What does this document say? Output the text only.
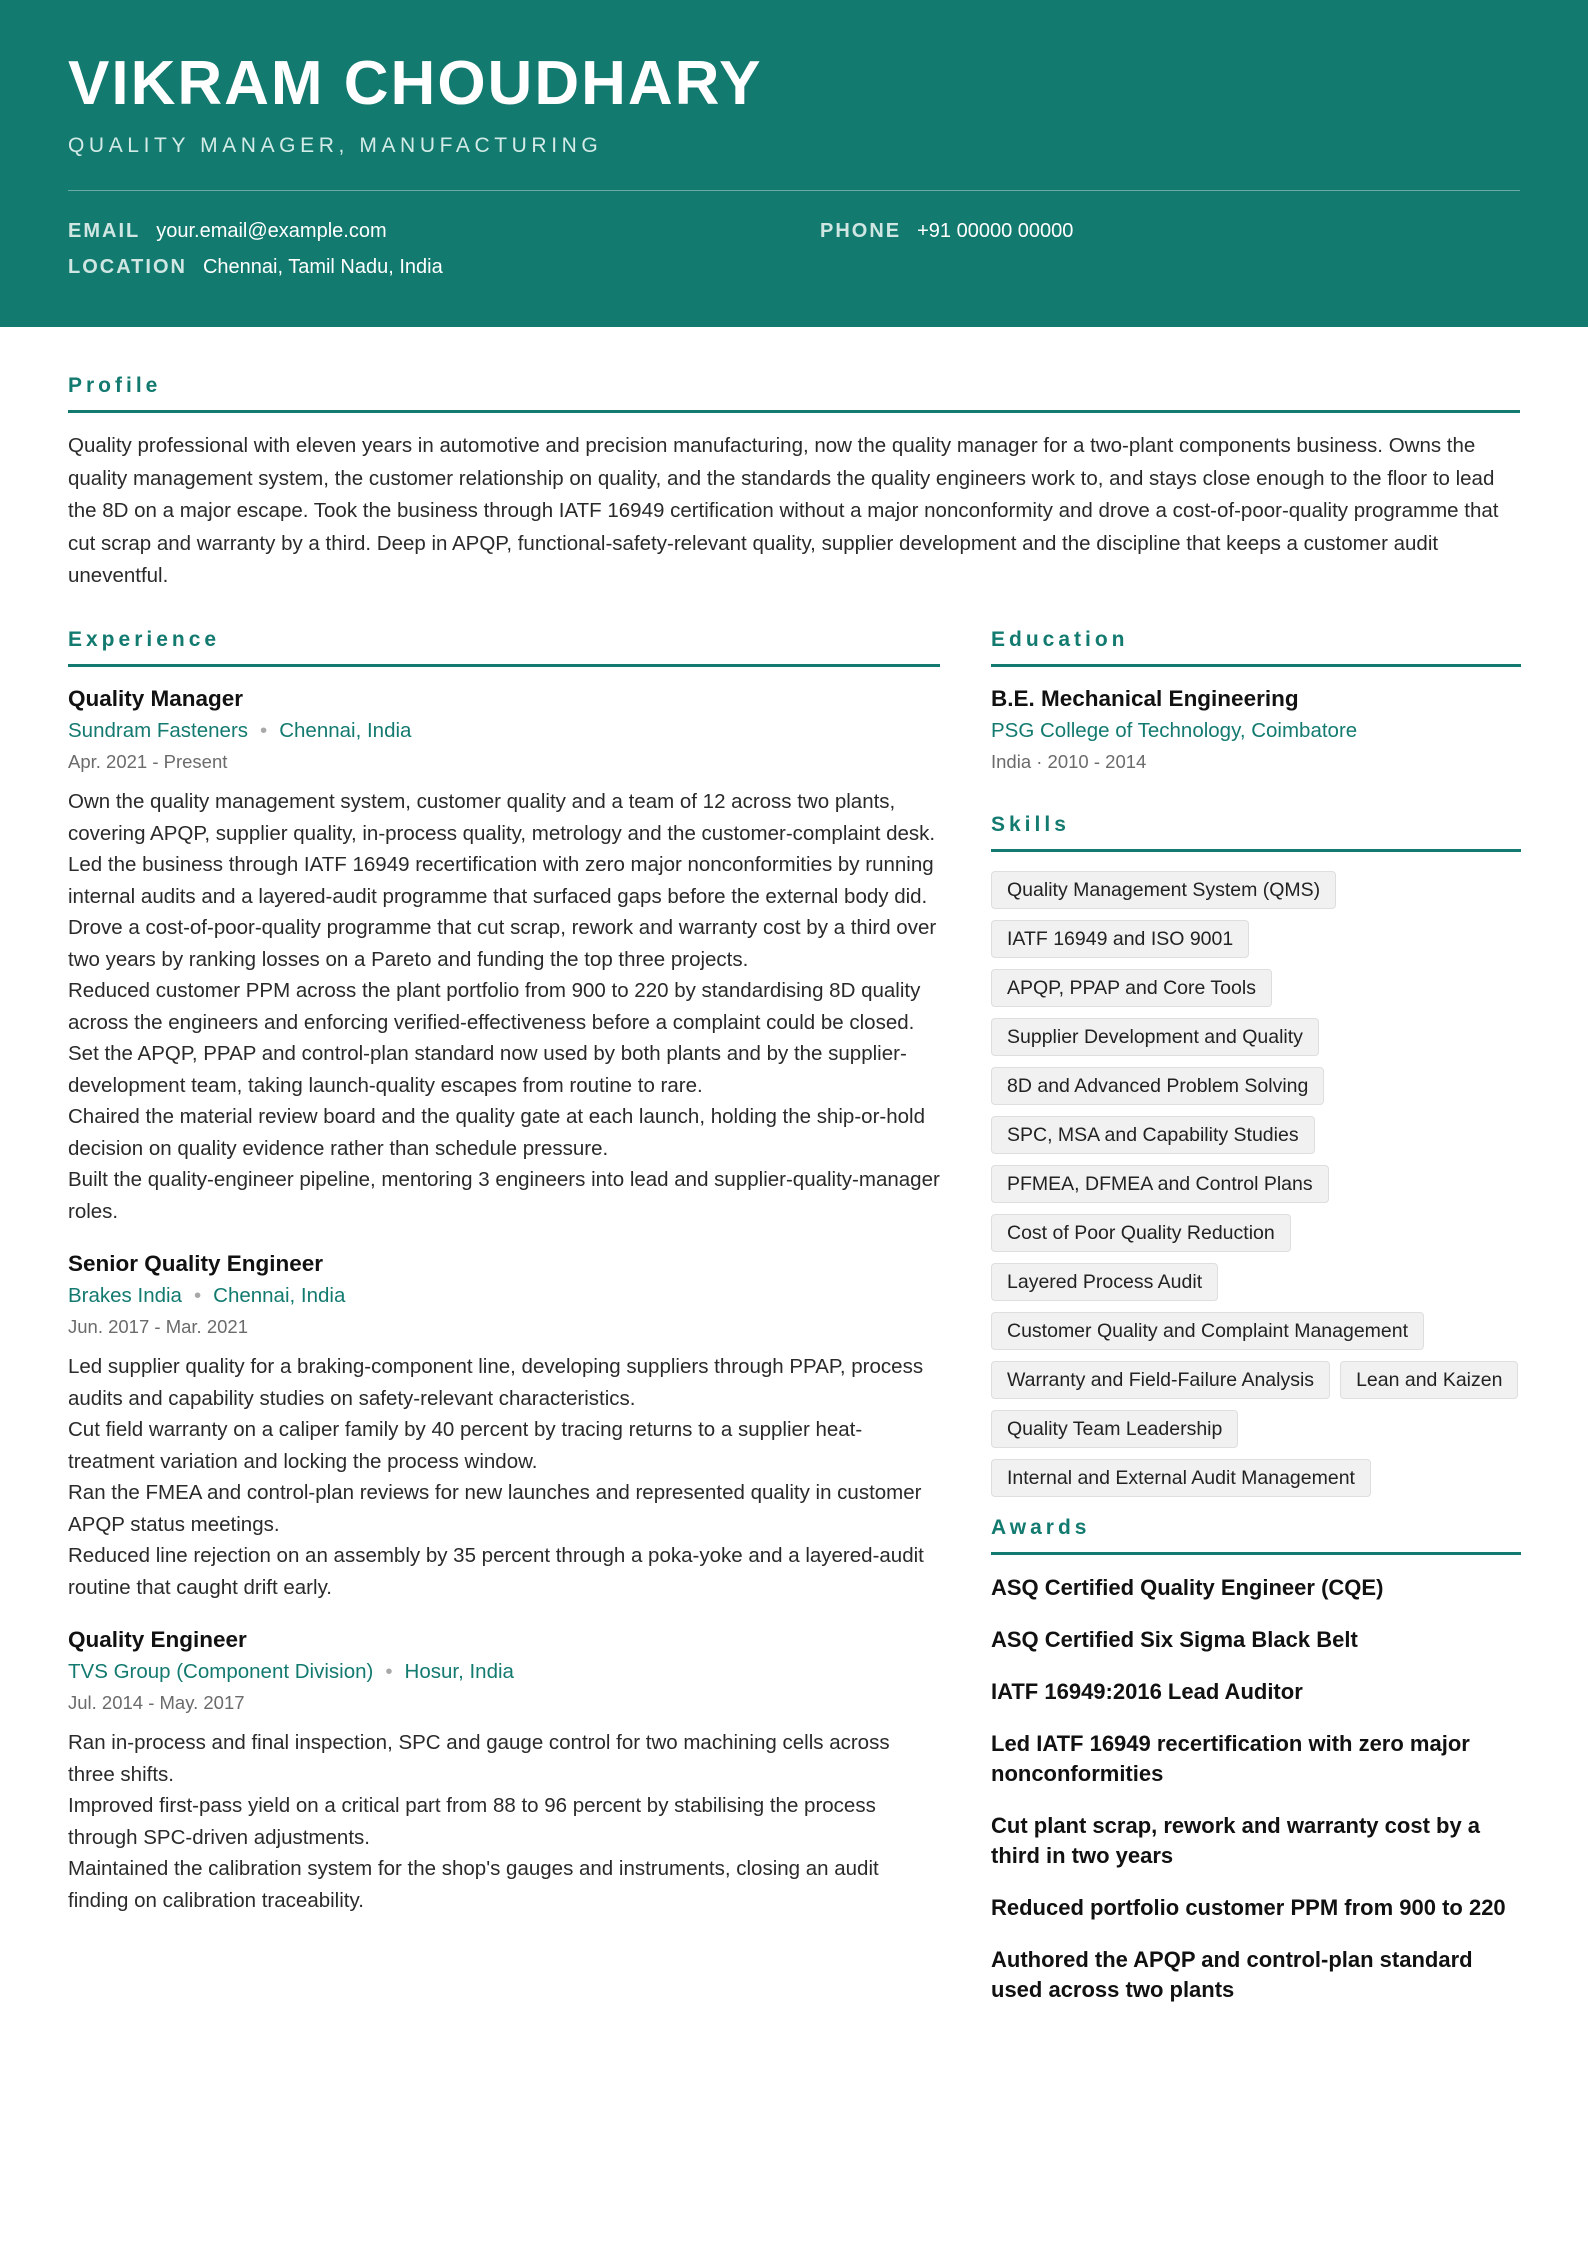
VIKRAM CHOUDHARY
QUALITY MANAGER, MANUFACTURING
EMAIL your.email@example.com	PHONE +91 00000 00000
LOCATION Chennai, Tamil Nadu, India
Profile
Quality professional with eleven years in automotive and precision manufacturing, now the quality manager for a two-plant components business. Owns the quality management system, the customer relationship on quality, and the standards the quality engineers work to, and stays close enough to the floor to lead the 8D on a major escape. Took the business through IATF 16949 certification without a major nonconformity and drove a cost-of-poor-quality programme that cut scrap and warranty by a third. Deep in APQP, functional-safety-relevant quality, supplier development and the discipline that keeps a customer audit uneventful.
Experience
Quality Manager
Sundram Fasteners • Chennai, India
Apr. 2021 - Present
Own the quality management system, customer quality and a team of 12 across two plants, covering APQP, supplier quality, in-process quality, metrology and the customer-complaint desk.
Led the business through IATF 16949 recertification with zero major nonconformities by running internal audits and a layered-audit programme that surfaced gaps before the external body did.
Drove a cost-of-poor-quality programme that cut scrap, rework and warranty cost by a third over two years by ranking losses on a Pareto and funding the top three projects.
Reduced customer PPM across the plant portfolio from 900 to 220 by standardising 8D quality across the engineers and enforcing verified-effectiveness before a complaint could be closed.
Set the APQP, PPAP and control-plan standard now used by both plants and by the supplier-development team, taking launch-quality escapes from routine to rare.
Chaired the material review board and the quality gate at each launch, holding the ship-or-hold decision on quality evidence rather than schedule pressure.
Built the quality-engineer pipeline, mentoring 3 engineers into lead and supplier-quality-manager roles.
Senior Quality Engineer
Brakes India • Chennai, India
Jun. 2017 - Mar. 2021
Led supplier quality for a braking-component line, developing suppliers through PPAP, process audits and capability studies on safety-relevant characteristics.
Cut field warranty on a caliper family by 40 percent by tracing returns to a supplier heat-treatment variation and locking the process window.
Ran the FMEA and control-plan reviews for new launches and represented quality in customer APQP status meetings.
Reduced line rejection on an assembly by 35 percent through a poka-yoke and a layered-audit routine that caught drift early.
Quality Engineer
TVS Group (Component Division) • Hosur, India
Jul. 2014 - May. 2017
Ran in-process and final inspection, SPC and gauge control for two machining cells across three shifts.
Improved first-pass yield on a critical part from 88 to 96 percent by stabilising the process through SPC-driven adjustments.
Maintained the calibration system for the shop's gauges and instruments, closing an audit finding on calibration traceability.
Education
B.E. Mechanical Engineering
PSG College of Technology, Coimbatore
India · 2010 - 2014
Skills
Quality Management System (QMS)
IATF 16949 and ISO 9001
APQP, PPAP and Core Tools
Supplier Development and Quality
8D and Advanced Problem Solving
SPC, MSA and Capability Studies
PFMEA, DFMEA and Control Plans
Cost of Poor Quality Reduction
Layered Process Audit
Customer Quality and Complaint Management
Warranty and Field-Failure Analysis	Lean and Kaizen
Quality Team Leadership
Internal and External Audit Management
Awards
ASQ Certified Quality Engineer (CQE)
ASQ Certified Six Sigma Black Belt
IATF 16949:2016 Lead Auditor
Led IATF 16949 recertification with zero major nonconformities
Cut plant scrap, rework and warranty cost by a third in two years
Reduced portfolio customer PPM from 900 to 220
Authored the APQP and control-plan standard used across two plants
